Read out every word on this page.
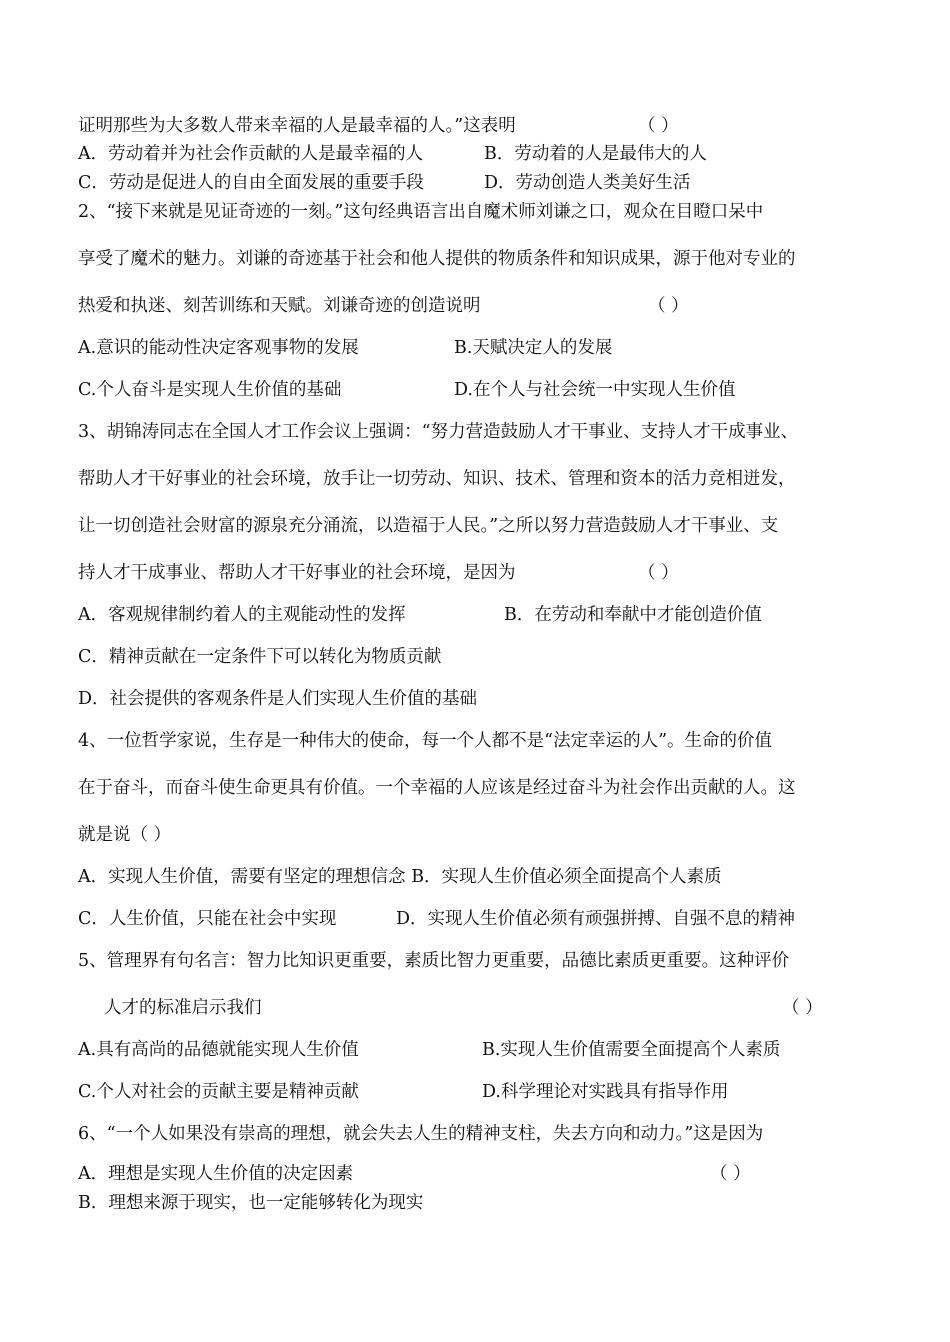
证明那些为大多数人带来幸福的人是最幸福的人。”这表明	（ ）
A．劳动着并为社会作贡献的人是最幸福的人	B．劳动着的人是最伟大的人
C．劳动是促进人的自由全面发展的重要手段	D．劳动创造人类美好生活
2、“接下来就是见证奇迹的一刻。”这句经典语言出自魔术师刘谦之口，观众在目瞪口呆中
享受了魔术的魅力。刘谦的奇迹基于社会和他人提供的物质条件和知识成果，源于他对专业的
热爱和执迷、刻苦训练和天赋。刘谦奇迹的创造说明	（ ）
A.意识的能动性决定客观事物的发展	B.天赋决定人的发展
C.个人奋斗是实现人生价值的基础	D.在个人与社会统一中实现人生价值
3、胡锦涛同志在全国人才工作会议上强调：“努力营造鼓励人才干事业、支持人才干成事业、
帮助人才干好事业的社会环境，放手让一切劳动、知识、技术、管理和资本的活力竞相迸发，
让一切创造社会财富的源泉充分涌流，以造福于人民。”之所以努力营造鼓励人才干事业、支
持人才干成事业、帮助人才干好事业的社会环境，是因为	（ ）
A．客观规律制约着人的主观能动性的发挥	B．在劳动和奉献中才能创造价值
C．精神贡献在一定条件下可以转化为物质贡献
D．社会提供的客观条件是人们实现人生价值的基础
4、一位哲学家说，生存是一种伟大的使命，每一个人都不是“法定幸运的人”。生命的价值
在于奋斗，而奋斗使生命更具有价值。一个幸福的人应该是经过奋斗为社会作出贡献的人。这
就是说（ ）
A．实现人生价值，需要有坚定的理想信念 B．实现人生价值必须全面提高个人素质
C．人生价值，只能在社会中实现	D．实现人生价值必须有顽强拼搏、自强不息的精神
5、管理界有句名言：智力比知识更重要，素质比智力更重要，品德比素质更重要。这种评价
人才的标准启示我们	（ ）
A.具有高尚的品德就能实现人生价值	B.实现人生价值需要全面提高个人素质
C.个人对社会的贡献主要是精神贡献	D.科学理论对实践具有指导作用
6、“一个人如果没有崇高的理想，就会失去人生的精神支柱，失去方向和动力。”这是因为
A．理想是实现人生价值的决定因素	（ ）
B．理想来源于现实，也一定能够转化为现实
